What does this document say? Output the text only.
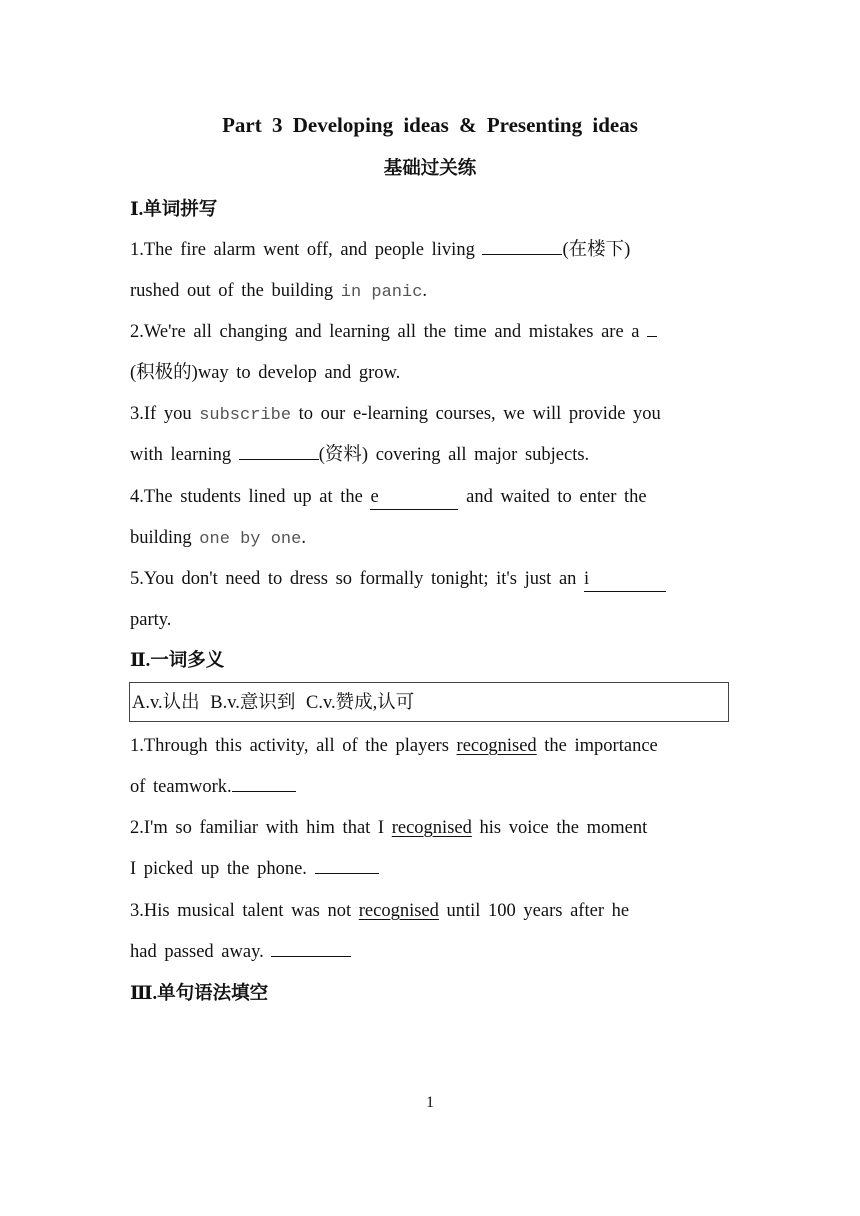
Part 3 Developing ideas & Presenting ideas
基础过关练
Ⅰ.单词拼写
1.The fire alarm went off, and people living	(在楼下)
rushed out of the building in panic.
2.We're all changing and learning all the time and mistakes are a
(积极的)way to develop and grow.
3.If you subscribe to our e-learning courses, we will provide you
with learning	(资料) covering all major subjects.
4.The students lined up at the e	and waited to enter the
building one by one.
5.You don't need to dress so formally tonight; it's just an i
party.
Ⅱ.一词多义
A.v.认出 B.v.意识到 C.v.赞成,认可
1.Through this activity, all of the players recognised the importance
of teamwork.
2.I'm so familiar with him that I recognised his voice the moment
I picked up the phone.
3.His musical talent was not recognised until 100 years after he
had passed away.
Ⅲ.单句语法填空
1
